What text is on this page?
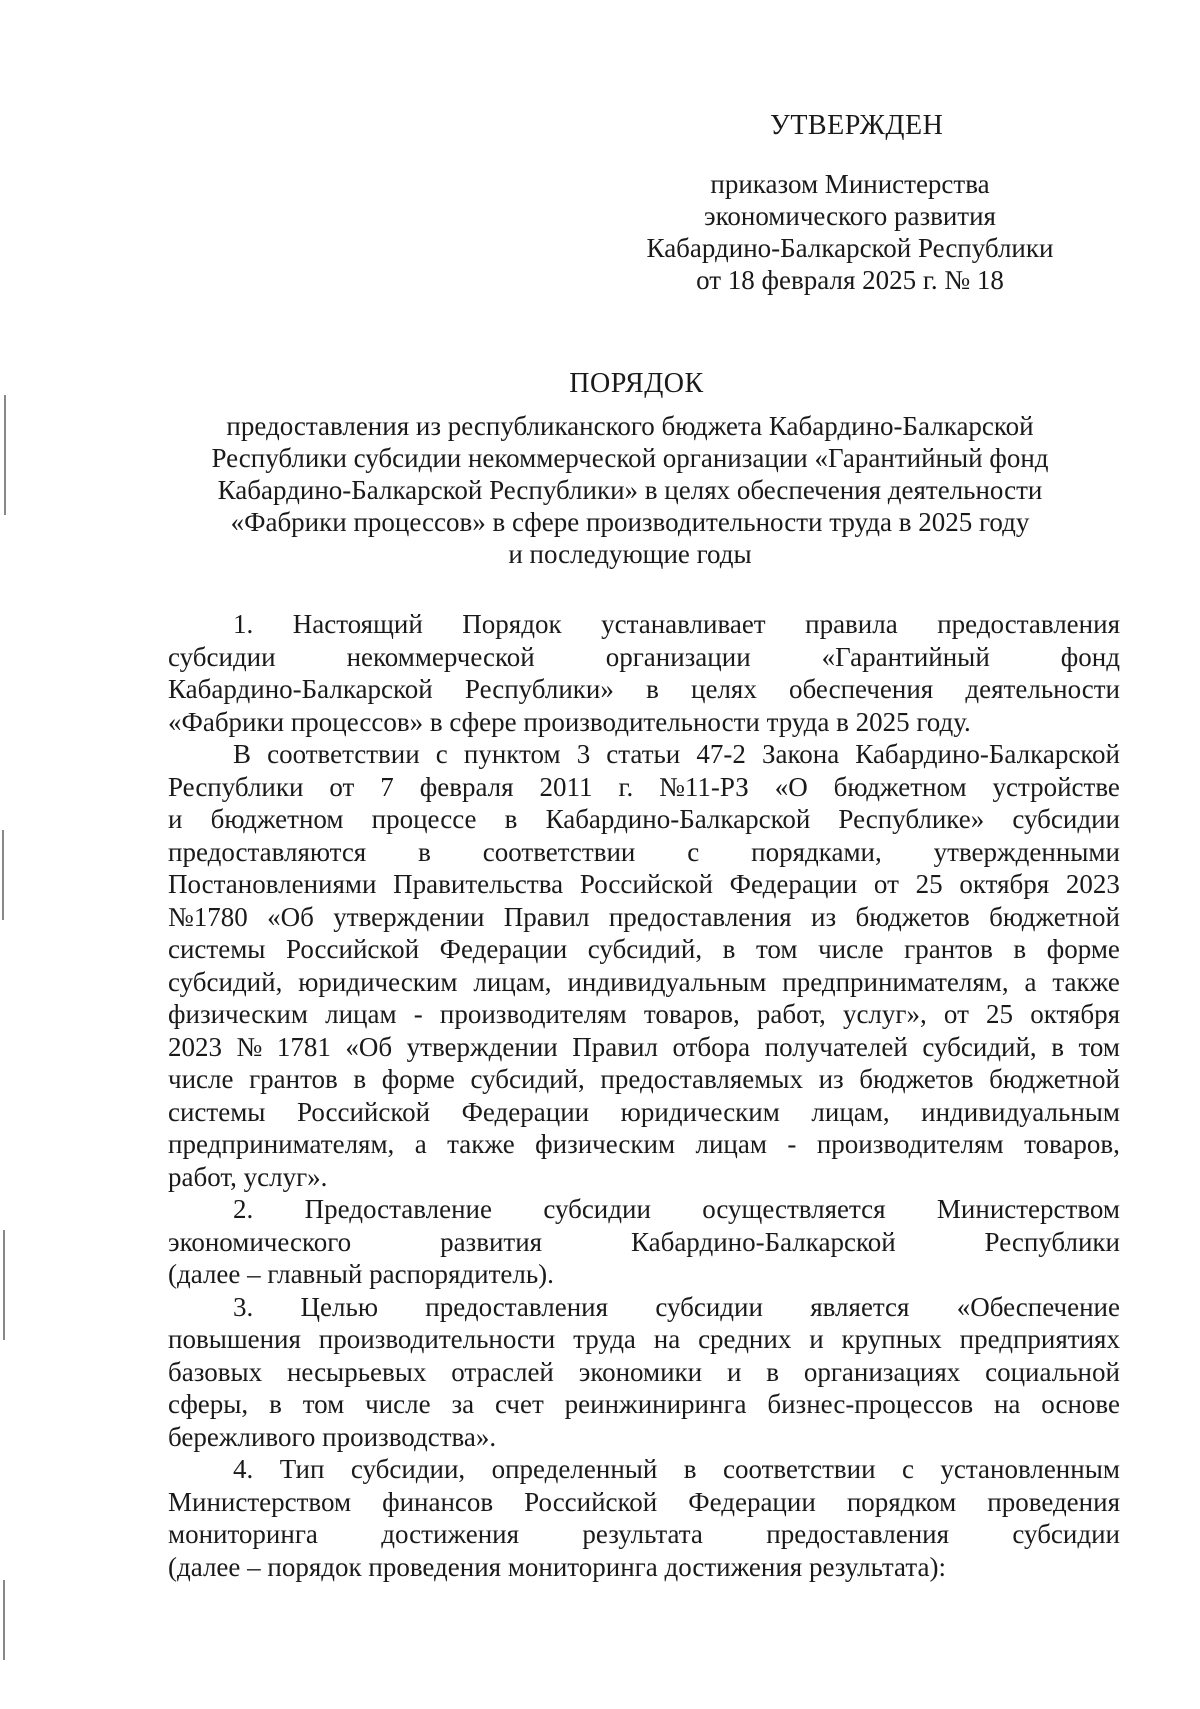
УТВЕРЖДЕН
приказом Министерства
экономического развития
Кабардино-Балкарской Республики
от 18 февраля 2025 г. № 18
ПОРЯДОК
предоставления из республиканского бюджета Кабардино-Балкарской
Республики субсидии некоммерческой организации «Гарантийный фонд
Кабардино-Балкарской Республики» в целях обеспечения деятельности
«Фабрики процессов» в сфере производительности труда в 2025 году
и последующие годы
1. Настоящий Порядок устанавливает правила предоставления
субсидии	некоммерческой	организации	«Гарантийный	фонд
Кабардино-Балкарской Республики» в целях обеспечения деятельности
«Фабрики процессов» в сфере производительности труда в 2025 году.
В соответствии с пунктом 3 статьи 47-2 Закона Кабардино-Балкарской
Республики от 7 февраля 2011 г. №11-РЗ «О бюджетном устройстве
и бюджетном процессе в Кабардино-Балкарской Республике» субсидии
предоставляются в соответствии с порядками, утвержденными
Постановлениями Правительства Российской Федерации от 25 октября 2023
№1780 «Об утверждении Правил предоставления из бюджетов бюджетной
системы Российской Федерации субсидий, в том числе грантов в форме
субсидий, юридическим лицам, индивидуальным предпринимателям, а также
физическим лицам - производителям товаров, работ, услуг», от 25 октября
2023 № 1781 «Об утверждении Правил отбора получателей субсидий, в том
числе грантов в форме субсидий, предоставляемых из бюджетов бюджетной
системы Российской Федерации юридическим лицам, индивидуальным
предпринимателям, а также физическим лицам - производителям товаров,
работ, услуг».
2. Предоставление субсидии осуществляется Министерством
экономического	развития	Кабардино-Балкарской	Республики
(далее – главный распорядитель).
3. Целью предоставления субсидии является «Обеспечение
повышения производительности труда на средних и крупных предприятиях
базовых несырьевых отраслей экономики и в организациях социальной
сферы, в том числе за счет реинжиниринга бизнес-процессов на основе
бережливого производства».
4. Тип субсидии, определенный в соответствии с установленным
Министерством финансов Российской Федерации порядком проведения
мониторинга достижения результата предоставления субсидии
(далее – порядок проведения мониторинга достижения результата):
